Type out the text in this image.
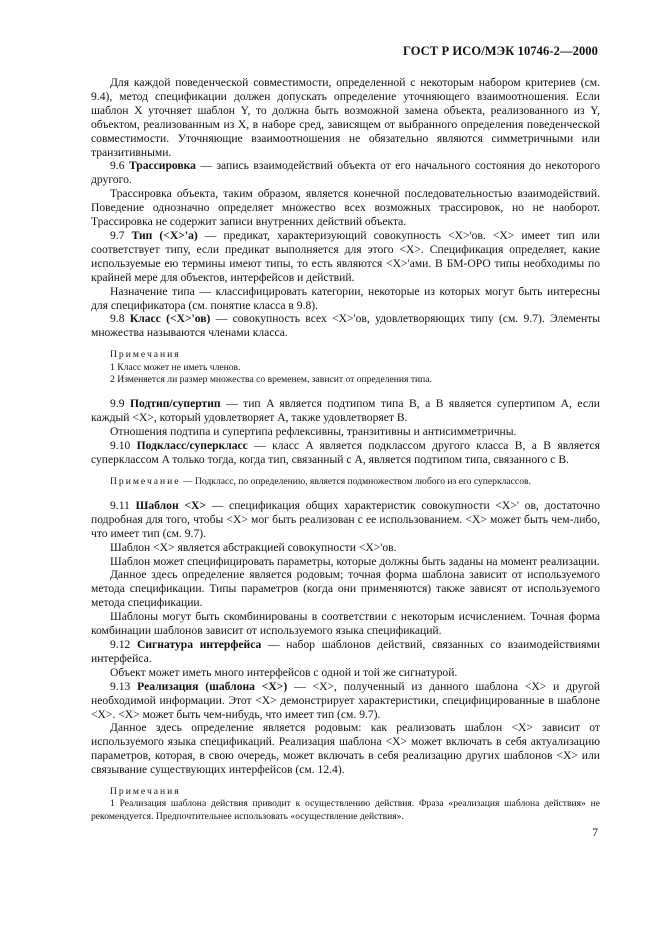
ГОСТ Р ИСО/МЭК 10746-2—2000

Для каждой поведенческой совместимости, определенной с некоторым набором критериев (см. 9.4), метод спецификации должен допускать определение уточняющего взаимоотношения. Если шаблон X уточняет шаблон Y, то должна быть возможной замена объекта, реализованного из Y, объектом, реализованным из X, в наборе сред, зависящем от выбранного определения поведенческой совместимости. Уточняющие взаимоотношения не обязательно являются симметричными или транзитивными.

9.6 Трассировка — запись взаимодействий объекта от его начального состояния до некоторого другого.

Трассировка объекта, таким образом, является конечной последовательностью взаимодействий. Поведение однозначно определяет множество всех возможных трассировок, но не наоборот. Трассировка не содержит записи внутренних действий объекта.

9.7 Тип (<X>'а) — предикат, характеризующий совокупность <X>'ов. <X> имеет тип или соответствует типу, если предикат выполняется для этого <X>. Спецификация определяет, какие используемые ею термины имеют типы, то есть являются <X>'ами. В БМ-ОРО типы необходимы по крайней мере для объектов, интерфейсов и действий.

Назначение типа — классифицировать категории, некоторые из которых могут быть интересны для спецификатора (см. понятие класса в 9.8).

9.8 Класс (<X>'ов) — совокупность всех <X>'ов, удовлетворяющих типу (см. 9.7). Элементы множества называются членами класса.

Примечания

1 Класс может не иметь членов.

2 Изменяется ли размер множества со временем, зависит от определения типа.

9.9 Подтип/супертип — тип A является подтипом типа B, а B является супертипом A, если каждый <X>, который удовлетворяет A, также удовлетворяет B.

Отношения подтипа и супертипа рефлексивны, транзитивны и антисимметричны.

9.10 Подкласс/суперкласс — класс A является подклассом другого класса B, а B является суперклассом A только тогда, когда тип, связанный с A, является подтипом типа, связанного с B.

Примечание — Подкласс, по определению, является подмножеством любого из его суперклассов.

9.11 Шаблон <X> — спецификация общих характеристик совокупности <X>' ов, достаточно подробная для того, чтобы <X> мог быть реализован с ее использованием. <X> может быть чем-либо, что имеет тип (см. 9.7).

Шаблон <X> является абстракцией совокупности <X>'ов.

Шаблон может специфицировать параметры, которые должны быть заданы на момент реализации.

Данное здесь определение является родовым; точная форма шаблона зависит от используемого метода спецификации. Типы параметров (когда они применяются) также зависят от используемого метода спецификации.

Шаблоны могут быть скомбинированы в соответствии с некоторым исчислением. Точная форма комбинации шаблонов зависит от используемого языка спецификаций.

9.12 Сигнатура интерфейса — набор шаблонов действий, связанных со взаимодействиями интерфейса.

Объект может иметь много интерфейсов с одной и той же сигнатурой.

9.13 Реализация (шаблона <X>) — <X>, полученный из данного шаблона <X> и другой необходимой информации. Этот <X> демонстрирует характеристики, специфицированные в шаблоне <X>. <X> может быть чем-нибудь, что имеет тип (см. 9.7).

Данное здесь определение является родовым: как реализовать шаблон <X> зависит от используемого языка спецификаций. Реализация шаблона <X> может включать в себя актуализацию параметров, которая, в свою очередь, может включать в себя реализацию других шаблонов <X> или связывание существующих интерфейсов (см. 12.4).

Примечания

1 Реализация шаблона действия приводит к осуществлению действия. Фраза «реализация шаблона действия» не рекомендуется. Предпочтительнее использовать «осуществление действия».

7
